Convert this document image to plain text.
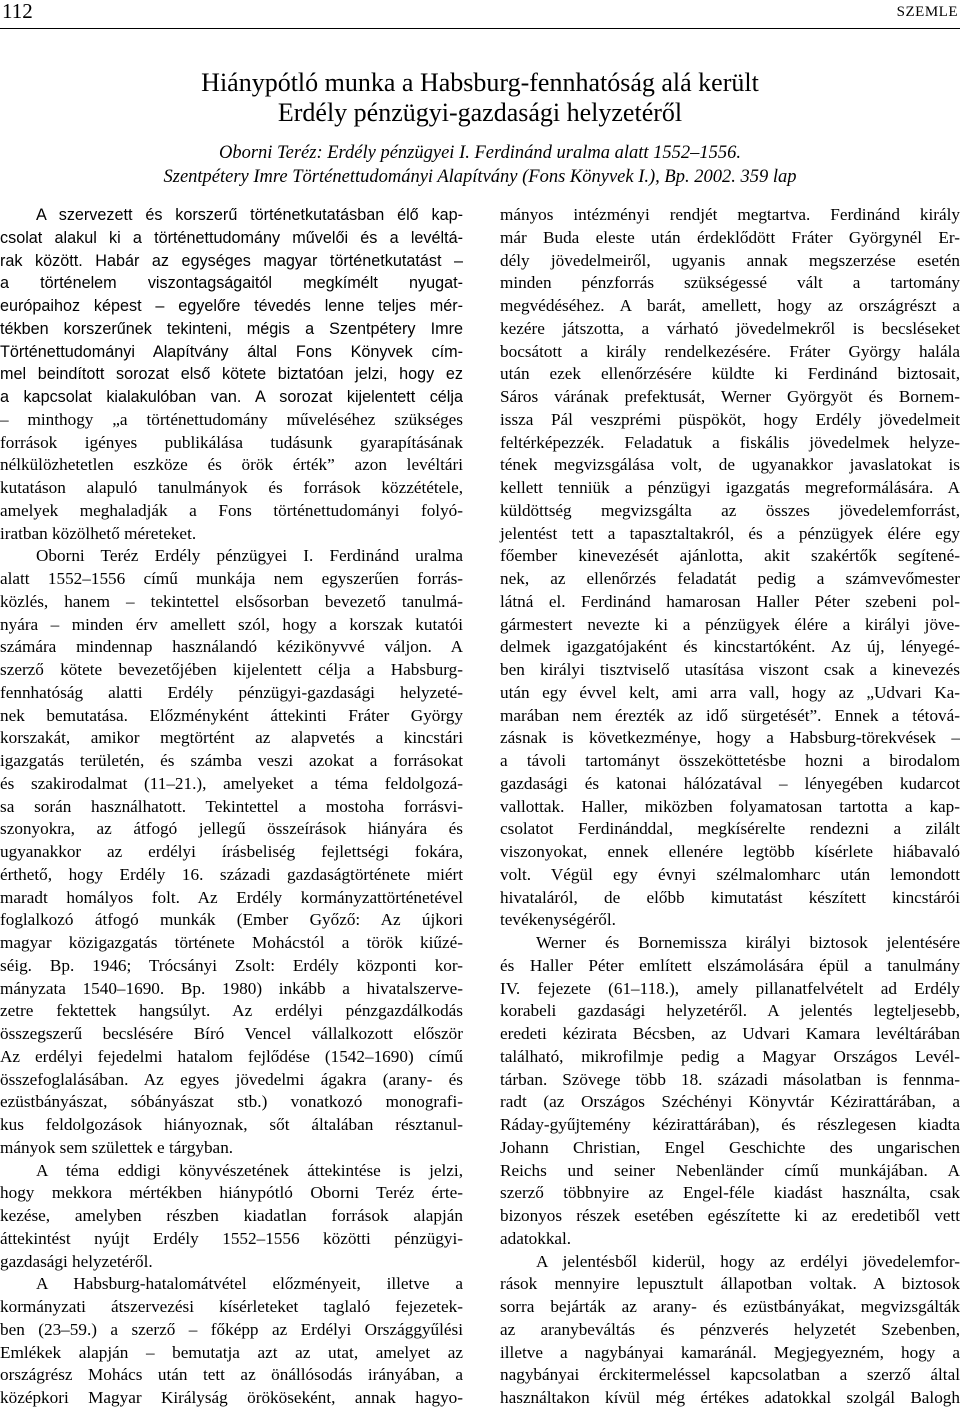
112	SZEMLE
Hiánypótló munka a Habsburg-fennhatóság alá került
Erdély pénzügyi-gazdasági helyzetéről
Oborni Teréz: Erdély pénzügyei I. Ferdinánd uralma alatt 1552–1556.
Szentpétery Imre Történettudományi Alapítvány (Fons Könyvek I.), Bp. 2002. 359 lap
A szervezett és korszerű történetkutatásban élő kap-
csolat alakul ki a történettudomány művelői és a levéltá-
rak között. Habár az egységes magyar történetkutatást –
a történelem viszontagságaitól megkímélt nyugat-
európaihoz képest – egyelőre tévedés lenne teljes mér-
tékben korszerűnek tekinteni, mégis a Szentpétery Imre
Történettudományi Alapítvány által Fons Könyvek cím-
mel beindított sorozat első kötete biztatóan jelzi, hogy ez
a kapcsolat kialakulóban van. A sorozat kijelentett célja
– minthogy „a történettudomány műveléséhez szükséges
források igényes publikálása tudásunk gyarapításának
nélkülözhetetlen eszköze és örök érték” azon levéltári
kutatáson alapuló tanulmányok és források közzététele,
amelyek meghaladják a Fons történettudományi folyó-
iratban közölhető méreteket.
Oborni Teréz Erdély pénzügyei I. Ferdinánd uralma
alatt 1552–1556 című munkája nem egyszerűen forrás-
közlés, hanem – tekintettel elsősorban bevezető tanulmá-
nyára – minden érv amellett szól, hogy a korszak kutatói
számára mindennap használandó kézikönyvvé váljon. A
szerző kötete bevezetőjében kijelentett célja a Habsburg-
fennhatóság alatti Erdély pénzügyi-gazdasági helyzeté-
nek bemutatása. Előzményként áttekinti Fráter György
korszakát, amikor megtörtént az alapvetés a kincstári
igazgatás területén, és számba veszi azokat a forrásokat
és szakirodalmat (11–21.), amelyeket a téma feldolgozá-
sa során használhatott. Tekintettel a mostoha forrásvi-
szonyokra, az átfogó jellegű összeírások hiányára és
ugyanakkor az erdélyi írásbeliség fejlettségi fokára,
érthető, hogy Erdély 16. századi gazdaságtörténete miért
maradt homályos folt. Az Erdély kormányzattörténetével
foglalkozó átfogó munkák (Ember Győző: Az újkori
magyar közigazgatás története Mohácstól a török kiűzé-
séig. Bp. 1946; Trócsányi Zsolt: Erdély központi kor-
mányzata 1540–1690. Bp. 1980) inkább a hivatalszerve-
zetre fektettek hangsúlyt. Az erdélyi pénzgazdálkodás
összegszerű becslésére Bíró Vencel vállalkozott először
Az erdélyi fejedelmi hatalom fejlődése (1542–1690) című
összefoglalásában. Az egyes jövedelmi ágakra (arany- és
ezüstbányászat, sóbányászat stb.) vonatkozó monografi-
kus feldolgozások hiányoznak, sőt általában résztanul-
mányok sem születtek e tárgyban.
A téma eddigi könyvészetének áttekintése is jelzi,
hogy mekkora mértékben hiánypótló Oborni Teréz érte-
kezése, amelyben részben kiadatlan források alapján
áttekintést nyújt Erdély 1552–1556 közötti pénzügyi-
gazdasági helyzetéről.
A Habsburg-hatalomátvétel előzményeit, illetve a
kormányzati átszervezési kísérleteket taglaló fejezetek-
ben (23–59.) a szerző – főképp az Erdélyi Országgyűlési
Emlékek alapján – bemutatja azt az utat, amelyet az
országrész Mohács után tett az önállósodás irányában, a
középkori Magyar Királyság örököseként, annak hagyo-
mányos intézményi rendjét megtartva. Ferdinánd király
már Buda eleste után érdeklődött Fráter Györgynél Er-
dély jövedelmeiről, ugyanis annak megszerzése esetén
minden pénzforrás szükségessé vált a tartomány
megvédéséhez. A barát, amellett, hogy az országrészt a
kezére játszotta, a várható jövedelmekről is becsléseket
bocsátott a király rendelkezésére. Fráter György halála
után ezek ellenőrzésére küldte ki Ferdinánd biztosait,
Sáros várának prefektusát, Werner Györgyöt és Bornem-
issza Pál veszprémi püspököt, hogy Erdély jövedelmeit
feltérképezzék. Feladatuk a fiskális jövedelmek helyze-
tének megvizsgálása volt, de ugyanakkor javaslatokat is
kellett tenniük a pénzügyi igazgatás megreformálására. A
küldöttség megvizsgálta az összes jövedelemforrást,
jelentést tett a tapasztaltakról, és a pénzügyek élére egy
főember kinevezését ajánlotta, akit szakértők segítené-
nek, az ellenőrzés feladatát pedig a számvevőmester
látná el. Ferdinánd hamarosan Haller Péter szebeni pol-
gármestert nevezte ki a pénzügyek élére a királyi jöve-
delmek igazgatójaként és kincstartóként. Az új, lényegé-
ben királyi tisztviselő utasítása viszont csak a kinevezés
után egy évvel kelt, ami arra vall, hogy az „Udvari Ka-
marában nem érezték az idő sürgetését”. Ennek a tétová-
zásnak is következménye, hogy a Habsburg-törekvések –
a távoli tartományt összeköttetésbe hozni a birodalom
gazdasági és katonai hálózatával – lényegében kudarcot
vallottak. Haller, miközben folyamatosan tartotta a kap-
csolatot Ferdinánddal, megkísérelte rendezni a zilált
viszonyokat, ennek ellenére legtöbb kísérlete hiábavaló
volt. Végül egy évnyi szélmalomharc után lemondott
hivataláról, de előbb kimutatást készített kincstárói
tevékenységéről.
Werner és Bornemissza királyi biztosok jelentésére
és Haller Péter említett elszámolására épül a tanulmány
IV. fejezete (61–118.), amely pillanatfelvételt ad Erdély
korabeli gazdasági helyzetéről. A jelentés legteljesebb,
eredeti kézirata Bécsben, az Udvari Kamara levéltárában
található, mikrofilmje pedig a Magyar Országos Levél-
tárban. Szövege több 18. századi másolatban is fennma-
radt (az Országos Széchényi Könyvtár Kézirattárában, a
Ráday-gyűjtemény kézirattárában), és részlegesen kiadta
Johann Christian, Engel Geschichte des ungarischen
Reichs und seiner Nebenländer című munkájában. A
szerző többnyire az Engel-féle kiadást használta, csak
bizonyos részek esetében egészítette ki az eredetiből vett
adatokkal.
A jelentésből kiderül, hogy az erdélyi jövedelemfor-
rások mennyire lepusztult állapotban voltak. A biztosok
sorra bejárták az arany- és ezüstbányákat, megvizsgálták
az aranybeváltás és pénzverés helyzetét Szebenben,
illetve a nagybányai kamaránál. Megjegyezném, hogy a
nagybányai érckitermeléssel kapcsolatban a szerző által
használtakon kívül még értékes adatokkal szolgál Balogh
